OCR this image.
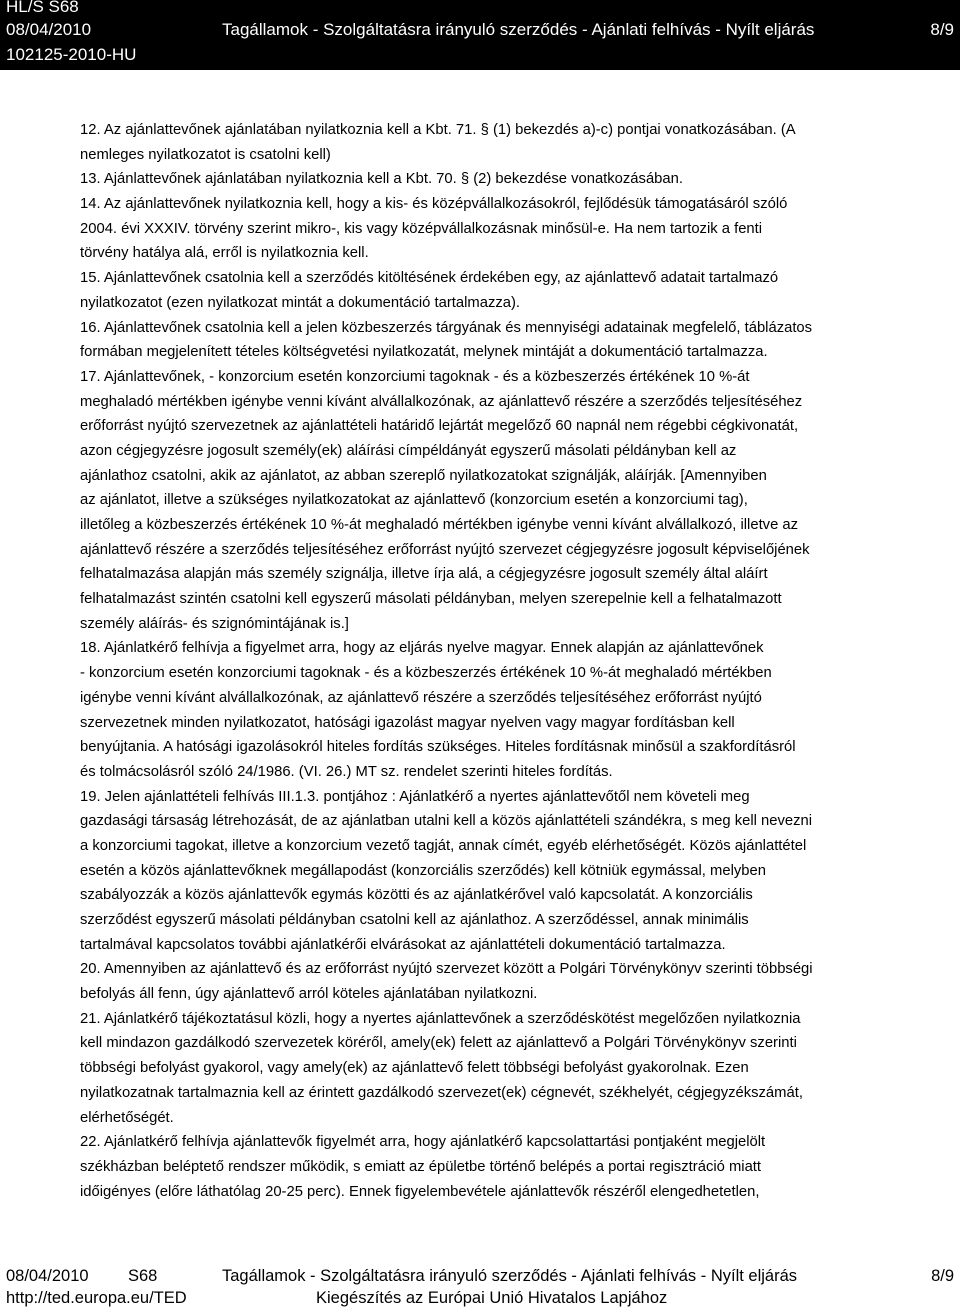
HL/S S68
08/04/2010	Tagállamok - Szolgáltatásra irányuló szerződés - Ajánlati felhívás - Nyílt eljárás	8/9
102125-2010-HU
12. Az ajánlattevőnek ajánlatában nyilatkoznia kell a Kbt. 71. § (1) bekezdés a)-c) pontjai vonatkozásában. (A
nemleges nyilatkozatot is csatolni kell)
13. Ajánlattevőnek ajánlatában nyilatkoznia kell a Kbt. 70. § (2) bekezdése vonatkozásában.
14. Az ajánlattevőnek nyilatkoznia kell, hogy a kis- és középvállalkozásokról, fejlődésük támogatásáról szóló
2004. évi XXXIV. törvény szerint mikro-, kis vagy középvállalkozásnak minősül-e. Ha nem tartozik a fenti
törvény hatálya alá, erről is nyilatkoznia kell.
15. Ajánlattevőnek csatolnia kell a szerződés kitöltésének érdekében egy, az ajánlattevő adatait tartalmazó
nyilatkozatot (ezen nyilatkozat mintát a dokumentáció tartalmazza).
16. Ajánlattevőnek csatolnia kell a jelen közbeszerzés tárgyának és mennyiségi adatainak megfelelő, táblázatos
formában megjelenített tételes költségvetési nyilatkozatát, melynek mintáját a dokumentáció tartalmazza.
17. Ajánlattevőnek, - konzorcium esetén konzorciumi tagoknak - és a közbeszerzés értékének 10 %-át
meghaladó mértékben igénybe venni kívánt alvállalkozónak, az ajánlattevő részére a szerződés teljesítéséhez
erőforrást nyújtó szervezetnek az ajánlattételi határidő lejártát megelőző 60 napnál nem régebbi cégkivonatát,
azon cégjegyzésre jogosult személy(ek) aláírási címpéldányát egyszerű másolati példányban kell az
ajánlathoz csatolni, akik az ajánlatot, az abban szereplő nyilatkozatokat szignálják, aláírják. [Amennyiben
az ajánlatot, illetve a szükséges nyilatkozatokat az ajánlattevő (konzorcium esetén a konzorciumi tag),
illetőleg a közbeszerzés értékének 10 %-át meghaladó mértékben igénybe venni kívánt alvállalkozó, illetve az
ajánlattevő részére a szerződés teljesítéséhez erőforrást nyújtó szervezet cégjegyzésre jogosult képviselőjének
felhatalmazása alapján más személy szignálja, illetve írja alá, a cégjegyzésre jogosult személy által aláírt
felhatalmazást szintén csatolni kell egyszerű másolati példányban, melyen szerepelnie kell a felhatalmazott
személy aláírás- és szignómintájának is.]
18. Ajánlatkérő felhívja a figyelmet arra, hogy az eljárás nyelve magyar. Ennek alapján az ajánlattevőnek
- konzorcium esetén konzorciumi tagoknak - és a közbeszerzés értékének 10 %-át meghaladó mértékben
igénybe venni kívánt alvállalkozónak, az ajánlattevő részére a szerződés teljesítéséhez erőforrást nyújtó
szervezetnek minden nyilatkozatot, hatósági igazolást magyar nyelven vagy magyar fordításban kell
benyújtania. A hatósági igazolásokról hiteles fordítás szükséges. Hiteles fordításnak minősül a szakfordításról
és tolmácsolásról szóló 24/1986. (VI. 26.) MT sz. rendelet szerinti hiteles fordítás.
19. Jelen ajánlattételi felhívás III.1.3. pontjához : Ajánlatkérő a nyertes ajánlattevőtől nem követeli meg
gazdasági társaság létrehozását, de az ajánlatban utalni kell a közös ajánlattételi szándékra, s meg kell nevezni
a konzorciumi tagokat, illetve a konzorcium vezető tagját, annak címét, egyéb elérhetőségét. Közös ajánlattétel
esetén a közös ajánlattevőknek megállapodást (konzorciális szerződés) kell kötniük egymással, melyben
szabályozzák a közös ajánlattevők egymás közötti és az ajánlatkérővel való kapcsolatát. A konzorciális
szerződést egyszerű másolati példányban csatolni kell az ajánlathoz. A szerződéssel, annak minimális
tartalmával kapcsolatos további ajánlatkérői elvárásokat az ajánlattételi dokumentáció tartalmazza.
20. Amennyiben az ajánlattevő és az erőforrást nyújtó szervezet között a Polgári Törvénykönyv szerinti többségi
befolyás áll fenn, úgy ajánlattevő arról köteles ajánlatában nyilatkozni.
21. Ajánlatkérő tájékoztatásul közli, hogy a nyertes ajánlattevőnek a szerződéskötést megelőzően nyilatkoznia
kell mindazon gazdálkodó szervezetek köréről, amely(ek) felett az ajánlattevő a Polgári Törvénykönyv szerinti
többségi befolyást gyakorol, vagy amely(ek) az ajánlattevő felett többségi befolyást gyakorolnak. Ezen
nyilatkozatnak tartalmaznia kell az érintett gazdálkodó szervezet(ek) cégnevét, székhelyét, cégjegyzékszámát,
elérhetőségét.
22. Ajánlatkérő felhívja ajánlattevők figyelmét arra, hogy ajánlatkérő kapcsolattartási pontjaként megjelölt
székházban beléptető rendszer működik, s emiatt az épületbe történő belépés a portai regisztráció miatt
időigényes (előre láthatólag 20-25 perc). Ennek figyelembevétele ajánlattevők részéről elengedhetetlen,
08/04/2010 S68	Tagállamok - Szolgáltatásra irányuló szerződés - Ajánlati felhívás - Nyílt eljárás	8/9
http://ted.europa.eu/TED	Kiegészítés az Európai Unió Hivatalos Lapjához
